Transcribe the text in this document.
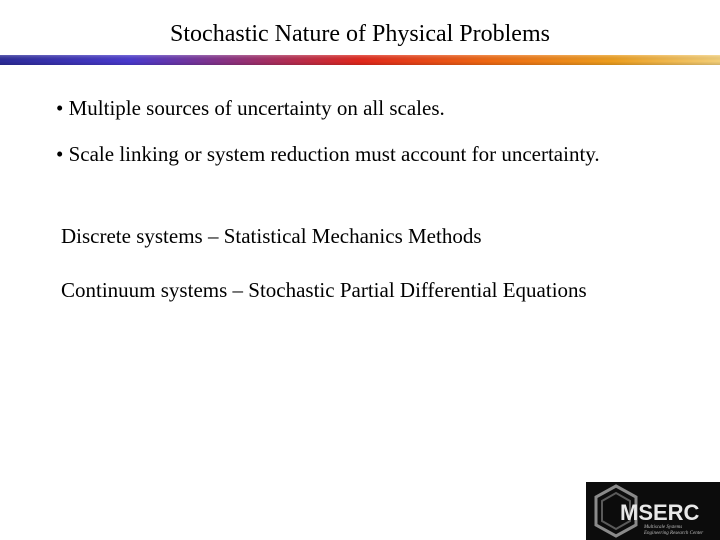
Stochastic Nature of Physical Problems
• Multiple sources of uncertainty on all scales.
• Scale linking or system reduction must account for uncertainty.
Discrete systems – Statistical Mechanics Methods
Continuum systems – Stochastic Partial Differential Equations
MSERC
Multiscale Systems
Engineering Research Center
